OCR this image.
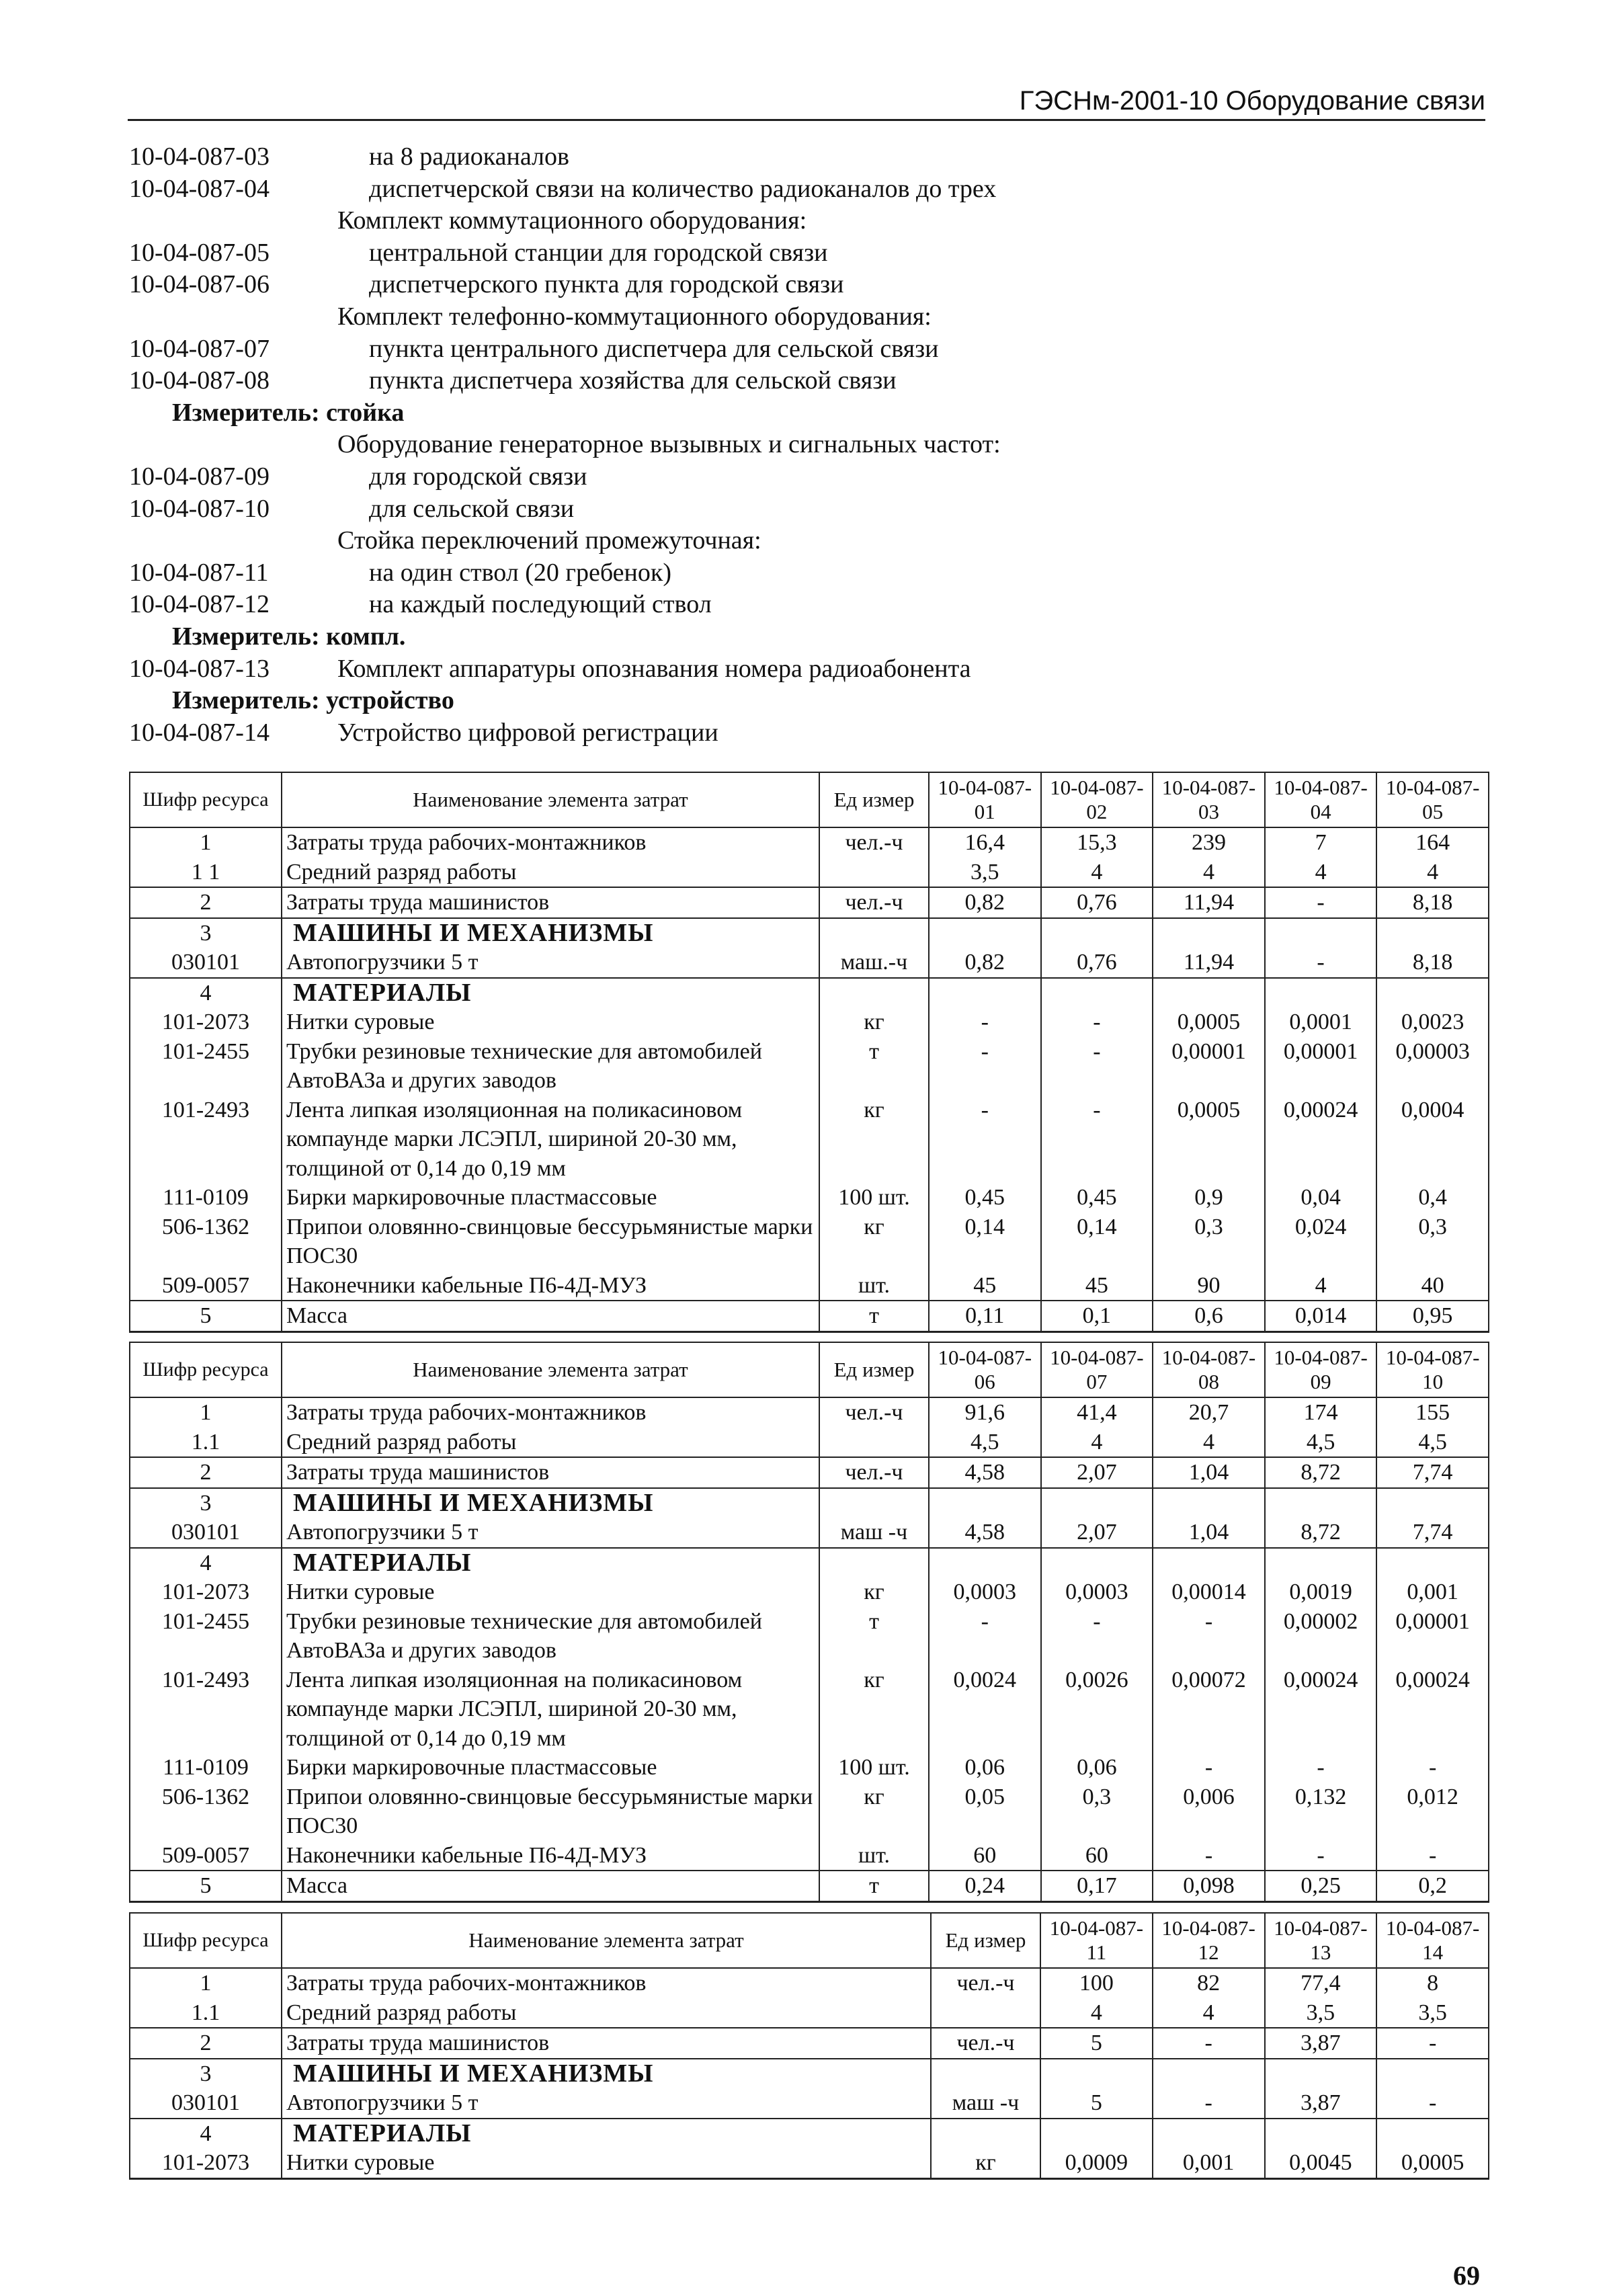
ГЭСНм-2001-10 Оборудование связи
10-04-087-03	на 8 радиоканалов
10-04-087-04	диспетчерской связи на количество радиоканалов до трех
Комплект коммутационного оборудования:
10-04-087-05	центральной станции для городской связи
10-04-087-06	диспетчерского пункта для городской связи
Комплект телефонно-коммутационного оборудования:
10-04-087-07	пункта центрального диспетчера для сельской связи
10-04-087-08	пункта диспетчера хозяйства для сельской связи
Измеритель: стойка
Оборудование генераторное вызывных и сигнальных частот:
10-04-087-09	для городской связи
10-04-087-10	для сельской связи
Стойка переключений промежуточная:
10-04-087-11	на один ствол (20 гребенок)
10-04-087-12	на каждый последующий ствол
Измеритель: компл.
10-04-087-13	Комплект аппаратуры опознавания номера радиоабонента
Измеритель: устройство
10-04-087-14	Устройство цифровой регистрации
Шифр ресурса	Наименование элемента затрат	Ед измер	10-04-087-01	10-04-087-02	10-04-087-03	10-04-087-04	10-04-087-05
1	Затраты труда рабочих-монтажников	чел.-ч	16,4	15,3	239	7	164
1 1	Средний разряд работы		3,5	4	4	4	4
2	Затраты труда машинистов	чел.-ч	0,82	0,76	11,94	-	8,18
3	МАШИНЫ И МЕХАНИЗМЫ						
030101	Автопогрузчики 5 т	маш.-ч	0,82	0,76	11,94	-	8,18
4	МАТЕРИАЛЫ						
101-2073	Нитки суровые	кг	-	-	0,0005	0,0001	0,0023
101-2455	Трубки резиновые технические для автомобилей АвтоВАЗа и других заводов	т	-	-	0,00001	0,00001	0,00003
101-2493	Лента липкая изоляционная на поликасиновом компаунде марки ЛСЭПЛ, шириной 20-30 мм, толщиной от 0,14 до 0,19 мм	кг	-	-	0,0005	0,00024	0,0004
111-0109	Бирки маркировочные пластмассовые	100 шт.	0,45	0,45	0,9	0,04	0,4
506-1362	Припои оловянно-свинцовые бессурьмянистые марки ПОС30	кг	0,14	0,14	0,3	0,024	0,3
509-0057	Наконечники кабельные П6-4Д-МУЗ	шт.	45	45	90	4	40
5	Масса	т	0,11	0,1	0,6	0,014	0,95
Шифр ресурса	Наименование элемента затрат	Ед измер	10-04-087-06	10-04-087-07	10-04-087-08	10-04-087-09	10-04-087-10
1	Затраты труда рабочих-монтажников	чел.-ч	91,6	41,4	20,7	174	155
1.1	Средний разряд работы		4,5	4	4	4,5	4,5
2	Затраты труда машинистов	чел.-ч	4,58	2,07	1,04	8,72	7,74
3	МАШИНЫ И МЕХАНИЗМЫ						
030101	Автопогрузчики 5 т	маш -ч	4,58	2,07	1,04	8,72	7,74
4	МАТЕРИАЛЫ						
101-2073	Нитки суровые	кг	0,0003	0,0003	0,00014	0,0019	0,001
101-2455	Трубки резиновые технические для автомобилей АвтоВАЗа и других заводов	т	-	-	-	0,00002	0,00001
101-2493	Лента липкая изоляционная на поликасиновом компаунде марки ЛСЭПЛ, шириной 20-30 мм, толщиной от 0,14 до 0,19 мм	кг	0,0024	0,0026	0,00072	0,00024	0,00024
111-0109	Бирки маркировочные пластмассовые	100 шт.	0,06	0,06	-	-	-
506-1362	Припои оловянно-свинцовые бессурьмянистые марки ПОС30	кг	0,05	0,3	0,006	0,132	0,012
509-0057	Наконечники кабельные П6-4Д-МУЗ	шт.	60	60	-	-	-
5	Масса	т	0,24	0,17	0,098	0,25	0,2
Шифр ресурса	Наименование элемента затрат	Ед измер	10-04-087-11	10-04-087-12	10-04-087-13	10-04-087-14
1	Затраты труда рабочих-монтажников	чел.-ч	100	82	77,4	8
1.1	Средний разряд работы		4	4	3,5	3,5
2	Затраты труда машинистов	чел.-ч	5	-	3,87	-
3	МАШИНЫ И МЕХАНИЗМЫ					
030101	Автопогрузчики 5 т	маш -ч	5	-	3,87	-
4	МАТЕРИАЛЫ					
101-2073	Нитки суровые	кг	0,0009	0,001	0,0045	0,0005
69
